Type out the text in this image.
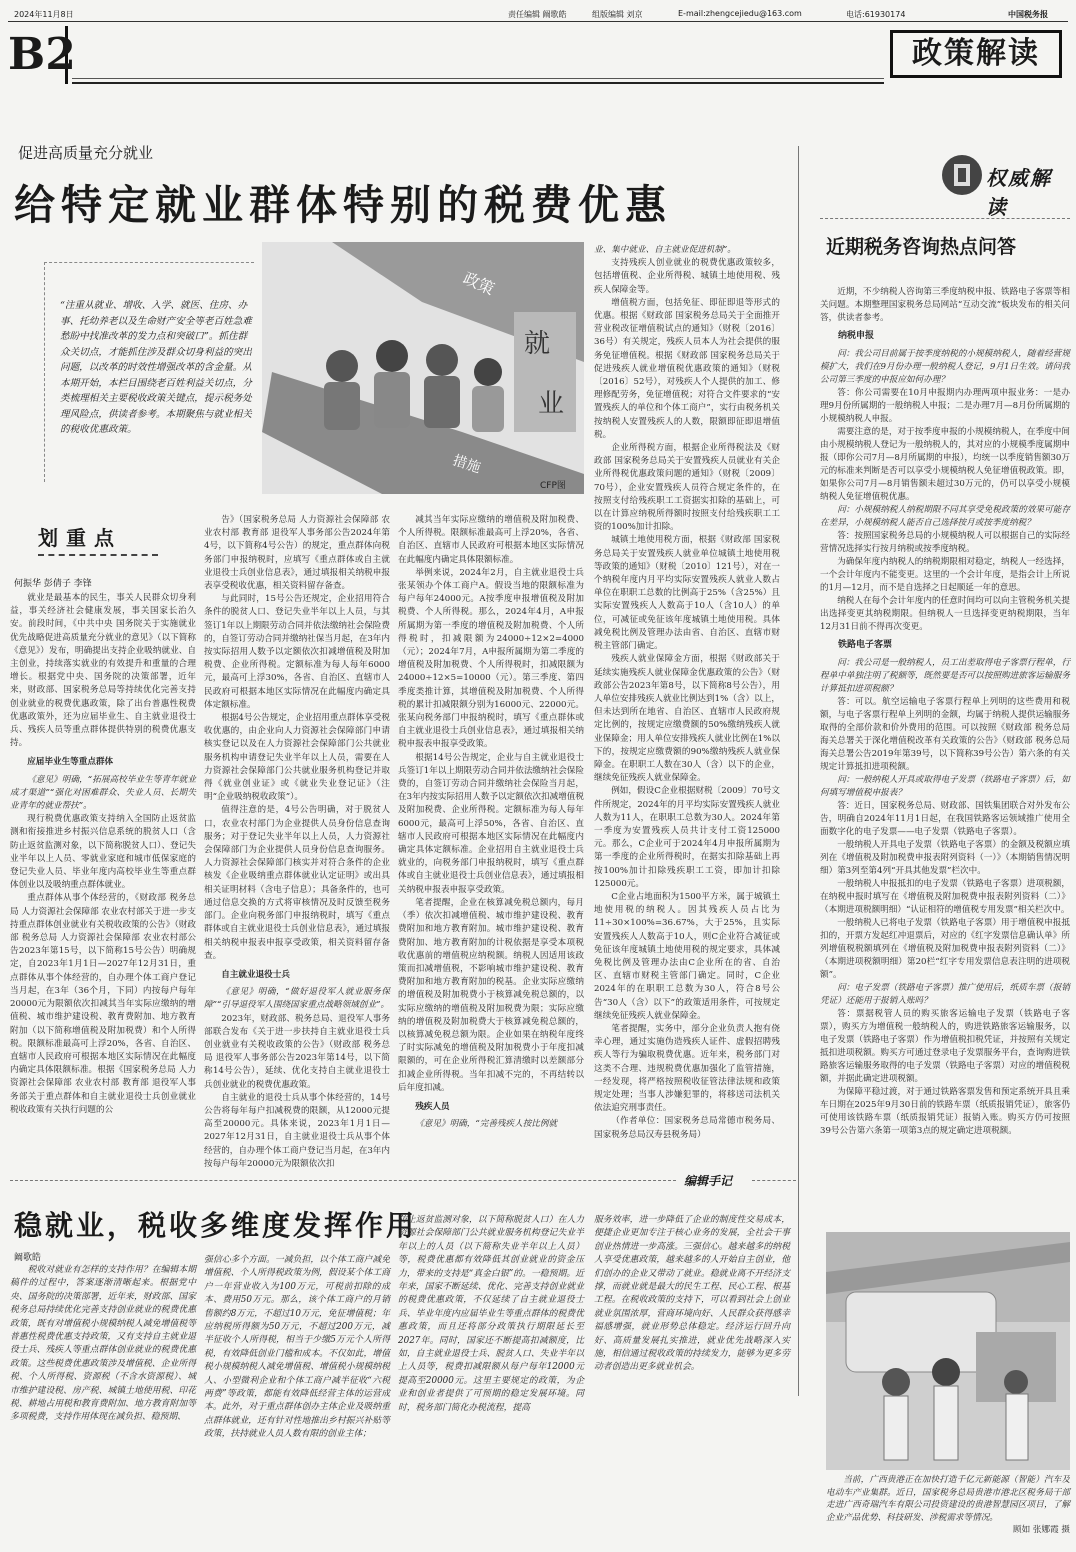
2024年11月8日	责任编辑 阚歌皓	组版编辑 刘京	E-mail:zhengcejiedu@163.com	电话:61930174	中国税务报
B2	政策解读
促进高质量充分就业
给特定就业群体特别的税费优惠
“注重从就业、增收、入学、就医、住房、办事、托幼养老以及生命财产安全等老百姓急难愁盼中找准改革的发力点和突破口”。抓住群众关切点，才能抓住涉及群众切身利益的突出问题，以改革的时效性增强改革的含金量。从本期开始，本栏目围绕老百姓利益关切点，分类梳理相关主要税收政策关键点，提示税务处理风险点，供读者参考。本期聚焦与就业相关的税收优惠政策。
政策
就
业
措施
CFP图
划重点
何振华 彭倩子 李锋

就业是最基本的民生，事关人民群众切身利益，事关经济社会健康发展，事关国家长治久安。前段时间，《中共中央 国务院关于实施就业优先战略促进高质量充分就业的意见》（以下简称《意见》）发布，明确提出支持企业吸纳就业、自主创业，持续落实就业的有效提升和重量的合理增长。根据党中央、国务院的决策部署，近年来，财政部、国家税务总局等持续优化完善支持创业就业的税费优惠政策，除了出台普惠性税费优惠政策外，还为应届毕业生、自主就业退役士兵、残疾人员等重点群体提供特别的税费优惠支持。

应届毕业生等重点群体

《意见》明确，“拓展高校毕业生等青年就业成才渠道”“强化对困难群众、失业人员、长期失业青年的就业帮扶”。

现行税费优惠政策支持纳入全国防止返贫监测和衔接推进乡村振兴信息系统的脱贫人口（含防止返贫监测对象，以下简称脱贫人口）、登记失业半年以上人员、零就业家庭和城市低保家庭的登记失业人员、毕业年度内高校毕业生等重点群体创业以及吸纳重点群体就业。

重点群体从事个体经营的，《财政部 税务总局 人力资源社会保障部 农业农村部关于进一步支持重点群体创业就业有关税收政策的公告》（财政部 税务总局 人力资源社会保障部 农业农村部公告2023年第15号，以下简称15号公告）明确规定，自2023年1月1日—2027年12月31日，重点群体从事个体经营的，自办理个体工商户登记当月起，在3年（36个月，下同）内按每户每年20000元为限额依次扣减其当年实际应缴纳的增值税、城市维护建设税、教育费附加、地方教育附加（以下简称增值税及附加税费）和个人所得税。限额标准最高可上浮20%，各省、自治区、直辖市人民政府可根据本地区实际情况在此幅度内确定具体限额标准。根据《国家税务总局 人力资源社会保障部 农业农村部 教育部 退役军人事务部关于重点群体和自主就业退役士兵创业就业税收政策有关执行问题的公

告》（国家税务总局 人力资源社会保障部 农业农村部 教育部 退役军人事务部公告2024年第4号，以下简称4号公告）的规定，重点群体向税务部门申报纳税时，应填写《重点群体或自主就业退役士兵创业信息表》，通过填报相关纳税申报表享受税收优惠，相关资料留存备查。

与此同时，15号公告还规定，企业招用符合条件的脱贫人口、登记失业半年以上人员，与其签订1年以上期限劳动合同并依法缴纳社会保险费的，自签订劳动合同并缴纳社保当月起，在3年内按实际招用人数予以定额依次扣减增值税及附加税费、企业所得税。定额标准为每人每年6000元，最高可上浮30%，各省、自治区、直辖市人民政府可根据本地区实际情况在此幅度内确定具体定额标准。

根据4号公告规定，企业招用重点群体享受税收优惠的，由企业向人力资源社会保障部门申请核实登记以及在人力资源社会保障部门公共就业服务机构申请登记失业半年以上人员，需要在人力资源社会保障部门公共就业服务机构登记并取得《就业创业证》或《就业失业登记证》（注明“企业吸纳税收政策”）。

值得注意的是，4号公告明确，对于脱贫人口，农业农村部门为企业提供人员身份信息查询服务；对于登记失业半年以上人员，人力资源社会保障部门为企业提供人员身份信息查询服务。人力资源社会保障部门核实并对符合条件的企业核发《企业吸纳重点群体就业认定证明》或出具相关证明材料（含电子信息）；具备条件的，也可通过信息交换的方式将审核情况及时反馈至税务部门。企业向税务部门申报纳税时，填写《重点群体或自主就业退役士兵创业信息表》，通过填报相关纳税申报表申报享受政策，相关资料留存备查。

自主就业退役士兵

《意见》明确，“做好退役军人就业服务保障”“引导退役军人围绕国家重点战略领域创业”。

2023年，财政部、税务总局、退役军人事务部联合发布《关于进一步扶持自主就业退役士兵创业就业有关税收政策的公告》（财政部 税务总局 退役军人事务部公告2023年第14号，以下简称14号公告），延续、优化支持自主就业退役士兵创业就业的税费优惠政策。

自主就业的退役士兵从事个体经营的，14号公告将每年每户扣减税费的限额，从12000元提高至20000元。具体来说，2023年1月1日—2027年12月31日，自主就业退役士兵从事个体经营的，自办理个体工商户登记当月起，在3年内按每户每年20000元为限额依次扣

减其当年实际应缴纳的增值税及附加税费、个人所得税。限额标准最高可上浮20%，各省、自治区、直辖市人民政府可根据本地区实际情况在此幅度内确定具体限额标准。

举例来说，2024年2月，自主就业退役士兵张某领办个体工商户A。假设当地的限额标准为每户每年24000元。A按季度申报增值税及附加税费、个人所得税。那么，2024年4月，A申报所属期为第一季度的增值税及附加税费、个人所得税时，扣减限额为24000÷12×2=4000（元）；2024年7月，A申报所属期为第二季度的增值税及附加税费、个人所得税时，扣减限额为24000÷12×5=10000（元）。第三季度、第四季度类推计算，其增值税及附加税费、个人所得税的累计扣减限额分别为16000元、22000元。张某向税务部门申报纳税时，填写《重点群体或自主就业退役士兵创业信息表》，通过填报相关纳税申报表申报享受政策。

根据14号公告规定，企业与自主就业退役士兵签订1年以上期限劳动合同并依法缴纳社会保险费的，自签订劳动合同并缴纳社会保险当月起，在3年内按实际招用人数予以定额依次扣减增值税及附加税费、企业所得税。定额标准为每人每年6000元，最高可上浮50%，各省、自治区、直辖市人民政府可根据本地区实际情况在此幅度内确定具体定额标准。企业招用自主就业退役士兵就业的，向税务部门申报纳税时，填写《重点群体或自主就业退役士兵创业信息表》，通过填报相关纳税申报表申报享受政策。

笔者提醒，企业在核算减免税总额内，每月（季）依次扣减增值税、城市维护建设税、教育费附加和地方教育附加。城市维护建设税、教育费附加、地方教育附加的计税依据是享受本项税收优惠前的增值税应纳税额。纳税人因适用该政策而扣减增值税，不影响城市维护建设税、教育费附加和地方教育附加的税基。企业实际应缴纳的增值税及附加税费小于核算减免税总额的，以实际应缴纳的增值税及附加税费为限；实际应缴纳的增值税及附加税费大于核算减免税总额的，以核算减免税总额为限。企业如果在纳税年度终了时实际减免的增值税及附加税费小于年度扣减限额的，可在企业所得税汇算清缴时以差额部分扣减企业所得税。当年扣减不完的，不再结转以后年度扣减。

残疾人员

《意见》明确，“完善残疾人按比例就

业、集中就业、自主就业促进机制”。

支持残疾人创业就业的税费优惠政策较多，包括增值税、企业所得税、城镇土地使用税、残疾人保障金等。

增值税方面，包括免征、即征即退等形式的优惠。根据《财政部 国家税务总局关于全面推开营业税改征增值税试点的通知》（财税〔2016〕36号）有关规定，残疾人员本人为社会提供的服务免征增值税。根据《财政部 国家税务总局关于促进残疾人就业增值税优惠政策的通知》（财税〔2016〕52号），对残疾人个人提供的加工、修理修配劳务，免征增值税；对符合文件要求的“安置残疾人的单位和个体工商户”，实行由税务机关按纳税人安置残疾人的人数，限额即征即退增值税。

企业所得税方面，根据企业所得税法及《财政部 国家税务总局关于安置残疾人员就业有关企业所得税优惠政策问题的通知》（财税〔2009〕70号），企业安置残疾人员符合规定条件的，在按照支付给残疾职工工资据实扣除的基础上，可以在计算应纳税所得额时按照支付给残疾职工工资的100%加计扣除。

城镇土地使用税方面，根据《财政部 国家税务总局关于安置残疾人就业单位城镇土地使用税等政策的通知》（财税〔2010〕121号），对在一个纳税年度内月平均实际安置残疾人就业人数占单位在职职工总数的比例高于25%（含25%）且实际安置残疾人人数高于10人（含10人）的单位，可减征或免征该年度城镇土地使用税。具体减免税比例及管理办法由省、自治区、直辖市财税主管部门确定。

残疾人就业保障金方面，根据《财政部关于延续实施残疾人就业保障金优惠政策的公告》（财政部公告2023年第8号，以下简称8号公告），用人单位安排残疾人就业比例达到1%（含）以上，但未达到所在地省、自治区、直辖市人民政府规定比例的，按规定应缴费额的50%缴纳残疾人就业保障金；用人单位安排残疾人就业比例在1%以下的，按规定应缴费额的90%缴纳残疾人就业保障金。在职职工人数在30人（含）以下的企业，继续免征残疾人就业保障金。

例如，假设C企业根据财税〔2009〕70号文件所规定，2024年的月平均实际安置残疾人就业人数为11人，在职职工总数为30人。2024年第一季度为安置残疾人员共计支付工资125000元。那么，C企业可于2024年4月申报所属期为第一季度的企业所得税时，在据实扣除基础上再按100%加计扣除残疾职工工资，即加计扣除125000元。

C企业占地面积为1500平方米，属于城镇土地使用税的纳税人。因其残疾人员占比为11÷30×100%=36.67%，大于25%，且实际安置残疾人人数高于10人，则C企业符合减征或免征该年度城镇土地使用税的规定要求，具体减免税比例及管理办法由C企业所在的省、自治区、直辖市财税主管部门确定。同时，C企业2024年的在职职工总数为30人，符合8号公告“30人（含）以下”的政策适用条件，可按规定继续免征残疾人就业保障金。

笔者提醒，实务中，部分企业负责人抱有侥幸心理，通过实施伪造残疾人证件、虚假招聘残疾人等行为骗取税费优惠。近年来，税务部门对这类不合理、违规税费优惠加强化了监管措施，一经发现，将严格按照税收征管法律法规和政策规定处理；当事人涉嫌犯罪的，将移送司法机关依法追究刑事责任。

（作者单位：国家税务总局常德市税务局、国家税务总局汉寿县税务局）

权威解读
近期税务咨询热点问答

近期，不少纳税人咨询第三季度纳税申报、铁路电子客票等相关问题。本期整理国家税务总局网站“互动交流”板块发布的相关问答，供读者参考。

纳税申报

问：我公司目前属于按季度纳税的小规模纳税人，随着经营规模扩大，我们在9月份办理一般纳税人登记，9月1日生效。请问我公司第三季度的申报应如何办理？

答：你公司需要在10月申报期内办理两项申报业务：一是办理9月份所属期的一般纳税人申报；二是办理7月—8月份所属期的小规模纳税人申报。

需要注意的是，对于按季度申报的小规模纳税人，在季度中间由小规模纳税人登记为一般纳税人的，其对应的小规模季度属期申报（即你公司7月—8月所属期的申报），均统一以季度销售额30万元的标准来判断是否可以享受小规模纳税人免征增值税政策。即，如果你公司7月—8月销售额未超过30万元的，仍可以享受小规模纳税人免征增值税优惠。

问：小规模纳税人纳税期限不同其享受免税政策的效果可能存在差异，小规模纳税人能否自己选择按月或按季度纳税？

答：按照国家税务总局的小规模纳税人可以根据自己的实际经营情况选择实行按月纳税或按季度纳税。

为确保年度内纳税人的纳税期限相对稳定，纳税人一经选择，一个会计年度内不能变更。这里的一个会计年度，是指会计上所说的1月—12月，而不是自选择之日起顺延一年的意思。

纳税人在每个会计年度内的任意时间均可以向主管税务机关提出选择变更其纳税期限。但纳税人一旦选择变更纳税期限，当年12月31日前不得再次变更。

铁路电子客票

问：我公司是一般纳税人，员工出差取得电子客票行程单，行程单中单独注明了税额等，既然要是否可以按照购进旅客运输服务计算抵扣进项税额？

答：可以。航空运输电子客票行程单上列明的这些费用和税额，与电子客票行程单上列明的金额，均属于纳税人提供运输服务取得的全部价款和价外费用的范围。可以按照《财政部 税务总局 海关总署关于深化增值税改革有关政策的公告》（财政部 税务总局 海关总署公告2019年第39号，以下简称39号公告）第六条的有关规定计算抵扣进项税额。

问：一般纳税人开具或取得电子发票（铁路电子客票）后，如何填写增值税申报表？

答：近日，国家税务总局、财政部、国铁集团联合对外发布公告，明确自2024年11月1日起，在我国铁路客运领域推广使用全面数字化的电子发票——电子发票（铁路电子客票）。

一般纳税人开具电子发票（铁路电子客票）的金额及税额应填列在《增值税及附加税费申报表附列资料（一）》（本期销售情况明细）第3列至第4列“开具其他发票”栏次中。

一般纳税人申报抵扣的电子发票（铁路电子客票）进项税额，在纳税申报时填写在《增值税及附加税费申报表附列资料（二）》（本期进项税额明细）“认证相符的增值税专用发票”相关栏次中。

一般纳税人已将电子发票（铁路电子客票）用于增值税申报抵扣的，开票方发起红冲退票后，对应的《红字发票信息确认单》所列增值税税额填列在《增值税及附加税费申报表附列资料（二）》（本期进项税额明细）第20栏“红字专用发票信息表注明的进项税额”。

问：电子发票（铁路电子客票）推广使用后，纸质车票（报销凭证）还能用于报销入账吗？

答：票据税管人员的购买旅客运输电子发票（铁路电子客票），购买方为增值税一般纳税人的，购进铁路旅客运输服务，以电子发票（铁路电子客票）作为增值税扣税凭证，并按照有关规定抵扣进项税额。购买方可通过登录电子发票服务平台，查询购进铁路旅客运输服务取得的电子发票（铁路电子客票）对应的增值税税额，并据此确定进项税额。

为保障平稳过渡，对于通过铁路客票发售和预定系统开具且乘车日期在2025年9月30日前的铁路车票（纸质报销凭证），旅客仍可使用该铁路车票（纸质报销凭证）报销入账。购买方仍可按照39号公告第六条第一项第3点的规定确定进项税额。

当前，广西贵港正在加快打造千亿元新能源（智能）汽车及电动车产业集群。近日，国家税务总局贵港市港北区税务局干部走进广西奇瑞汽车有限公司投资建设的贵港智慧园区项目，了解企业产品优势、科技研发、涉税需求等情况。

顾如 张娜霞 摄

编辑手记
稳就业，税收多维度发挥作用
阚歌皓

税收对就业有怎样的支持作用？在编辑本期稿件的过程中，答案逐渐清晰起来。根据党中央、国务院的决策部署，近年来，财政部、国家税务总局持续优化完善支持创业就业的税费优惠政策，既有对增值税小规模纳税人减免增值税等普惠性税费优惠支持政策，又有支持自主就业退役士兵、残疾人等重点群体创业就业的税费优惠政策。这些税费优惠政策涉及增值税、企业所得税、个人所得税、资源税（不含水资源税）、城市维护建设税、房产税、城镇土地使用税、印花税、耕地占用税和教育费附加、地方教育附加等多项税费，支持作用体现在减负担、稳预期、

强信心多个方面。一减负担，以个体工商户减免增值税、个人所得税政策为例，假设某个体工商户一年营业收入为100万元，可税前扣除的成本、费用50万元。那么，该个体工商户的月销售额约8万元，不超过10万元，免征增值税；年应纳税所得额为50万元，不超过200万元，减半征收个人所得税，相当于少缴5万元个人所得税，有效降低创业门槛和成本。不仅如此，增值税小规模纳税人减免增值税、增值税小规模纳税人、小型微利企业和个体工商户减半征收“六税两费”等政策，都能有效降低经营主体的运营成本。此外，对于重点群体创办主体企业及吸纳重点群体就业，还有针对性地推出乡村振兴补贴等政策，扶持就业人员人数有限的创业主体；

防止返贫监测对象，以下简称脱贫人口）在人力资源社会保障部门公共就业服务机构登记失业半年以上的人员（以下简称失业半年以上人员）等，税费优惠都有效降低其创业就业的资金压力，带来的支持是“真金白银”的。一稳预期。近年来，国家不断延续、优化、完善支持创业就业的税费优惠政策，不仅延续了自主就业退役士兵、毕业年度内应届毕业生等重点群体的税费优惠政策，而且还将部分政策执行期限延长至2027年。同时，国家还不断提高扣减额度，比如，自主就业退役士兵、脱贫人口、失业半年以上人员等，税费扣减限额从每户每年12000元提高至20000元。这里主要规定的政策，为企业和创业者提供了可预期的稳定发展环境。同时，税务部门简化办税流程，提高

服务效率，进一步降低了企业的制度性交易成本，便捷企业更加专注于核心业务的发展，全社会干事创业热情进一步高涨。三强信心。越来越多的纳税人享受优惠政策，越来越多的人开始自主创业，他们创办的企业又带动了就业。稳就业离不开经济支撑，而就业就是最大的民生工程、民心工程、根基工程。在税收政策的支持下，可以看到社会上创业就业氛围浓厚，营商环境向好、人民群众获得感幸福感增强，就业形势总体稳定。经济运行回升向好、高质量发展扎实推进，就业优先战略深入实施，相信通过税收政策的持续发力，能够为更多劳动者创造出更多就业机会。
